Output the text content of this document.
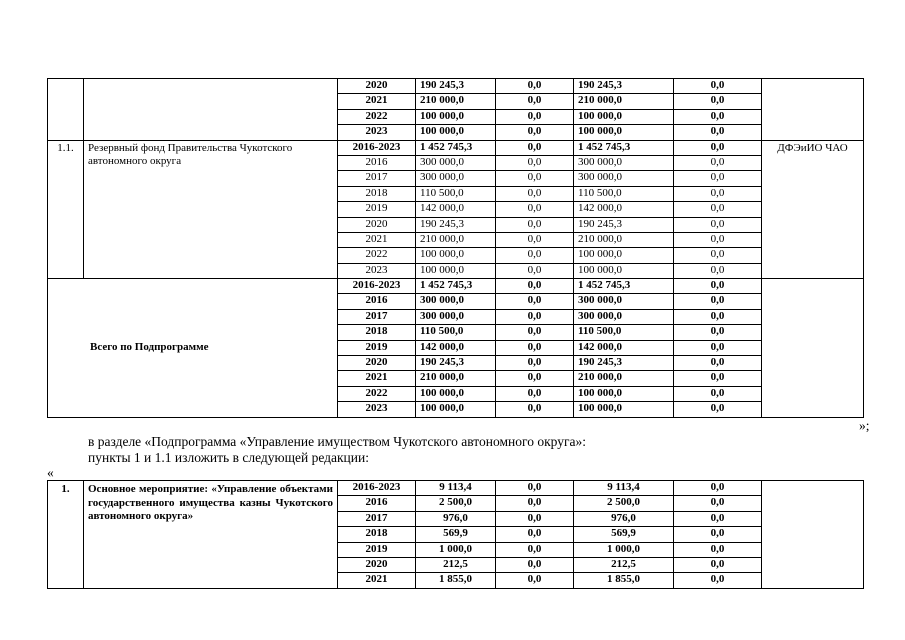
		2020	190 245,3	0,0	190 245,3	0,0	
		2021	210 000,0	0,0	210 000,0	0,0	
		2022	100 000,0	0,0	100 000,0	0,0	
		2023	100 000,0	0,0	100 000,0	0,0	
1.1.	Резервный фонд Правительства Чукотского автономного округа	2016-2023	1 452 745,3	0,0	1 452 745,3	0,0	ДФЭиИО ЧАО
		2016	300 000,0	0,0	300 000,0	0,0	
		2017	300 000,0	0,0	300 000,0	0,0	
		2018	110 500,0	0,0	110 500,0	0,0	
		2019	142 000,0	0,0	142 000,0	0,0	
		2020	190 245,3	0,0	190 245,3	0,0	
		2021	210 000,0	0,0	210 000,0	0,0	
		2022	100 000,0	0,0	100 000,0	0,0	
		2023	100 000,0	0,0	100 000,0	0,0	
Всего по Подпрограмме		2016-2023	1 452 745,3	0,0	1 452 745,3	0,0	
		2016	300 000,0	0,0	300 000,0	0,0	
		2017	300 000,0	0,0	300 000,0	0,0	
		2018	110 500,0	0,0	110 500,0	0,0	
		2019	142 000,0	0,0	142 000,0	0,0	
		2020	190 245,3	0,0	190 245,3	0,0	
		2021	210 000,0	0,0	210 000,0	0,0	
		2022	100 000,0	0,0	100 000,0	0,0	
		2023	100 000,0	0,0	100 000,0	0,0	
»;
в разделе «Подпрограмма «Управление имуществом Чукотского автономного округа»:
пункты 1 и 1.1 изложить в следующей редакции:
«
1.	Основное мероприятие: «Управление объектами государственного имущества казны Чукотского автономного округа»	2016-2023	9 113,4	0,0	9 113,4	0,0	
		2016	2 500,0	0,0	2 500,0	0,0	
		2017	976,0	0,0	976,0	0,0	
		2018	569,9	0,0	569,9	0,0	
		2019	1 000,0	0,0	1 000,0	0,0	
		2020	212,5	0,0	212,5	0,0	
		2021	1 855,0	0,0	1 855,0	0,0	
